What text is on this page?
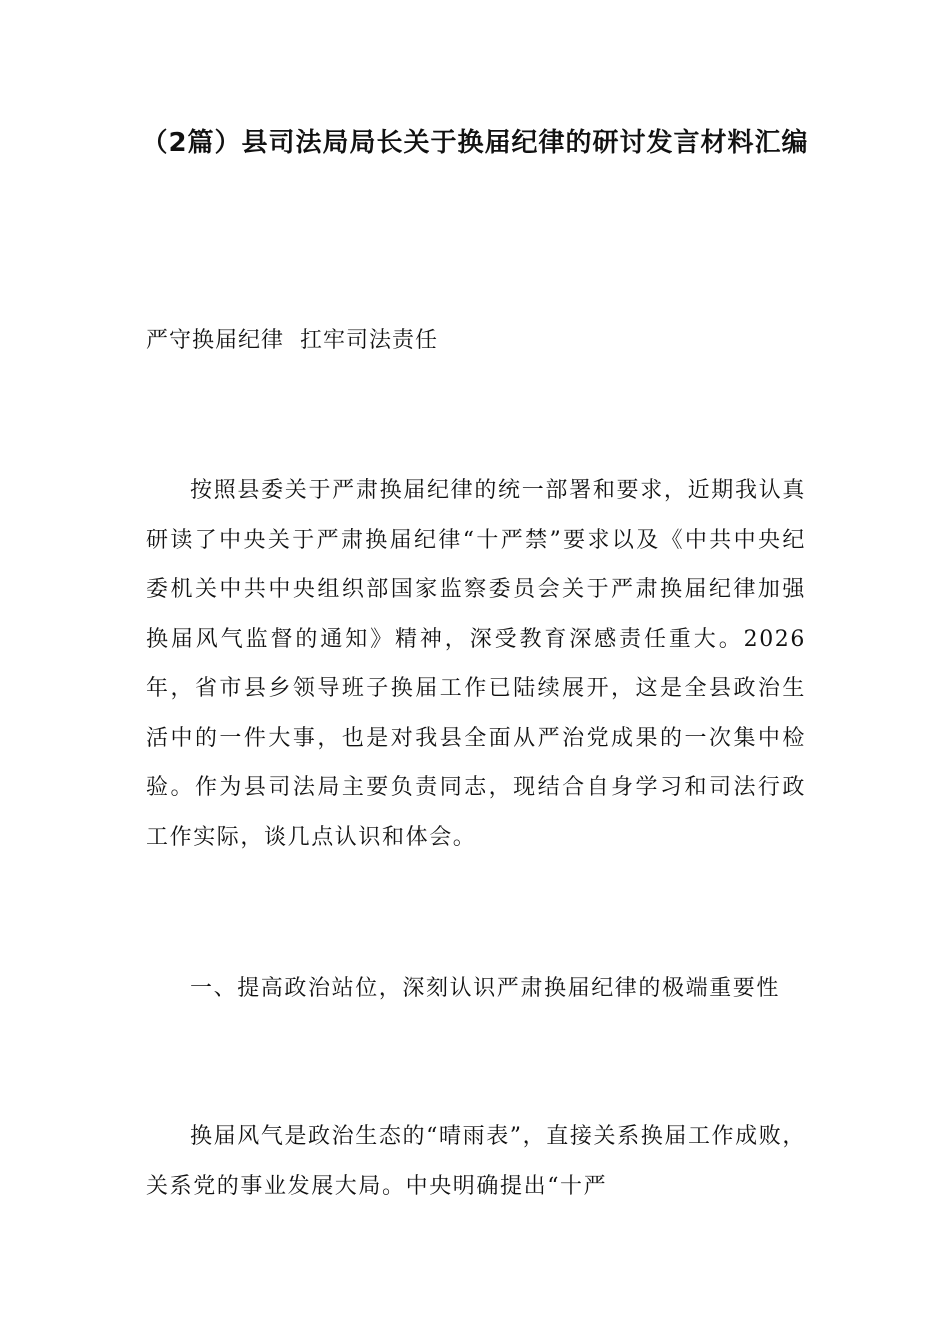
（2篇）县司法局局长关于换届纪律的研讨发言材料汇编
严守换届纪律  扛牢司法责任

按照县委关于严肃换届纪律的统一部署和要求，近期我认真研读了中央关于严肃换届纪律“十严禁”要求以及《中共中央纪委机关中共中央组织部国家监察委员会关于严肃换届纪律加强换届风气监督的通知》精神，深受教育深感责任重大。2026年，省市县乡领导班子换届工作已陆续展开，这是全县政治生活中的一件大事，也是对我县全面从严治党成果的一次集中检验。作为县司法局主要负责同志，现结合自身学习和司法行政工作实际，谈几点认识和体会。

一、提高政治站位，深刻认识严肃换届纪律的极端重要性

换届风气是政治生态的“晴雨表”，直接关系换届工作成败，关系党的事业发展大局。中央明确提出“十严
